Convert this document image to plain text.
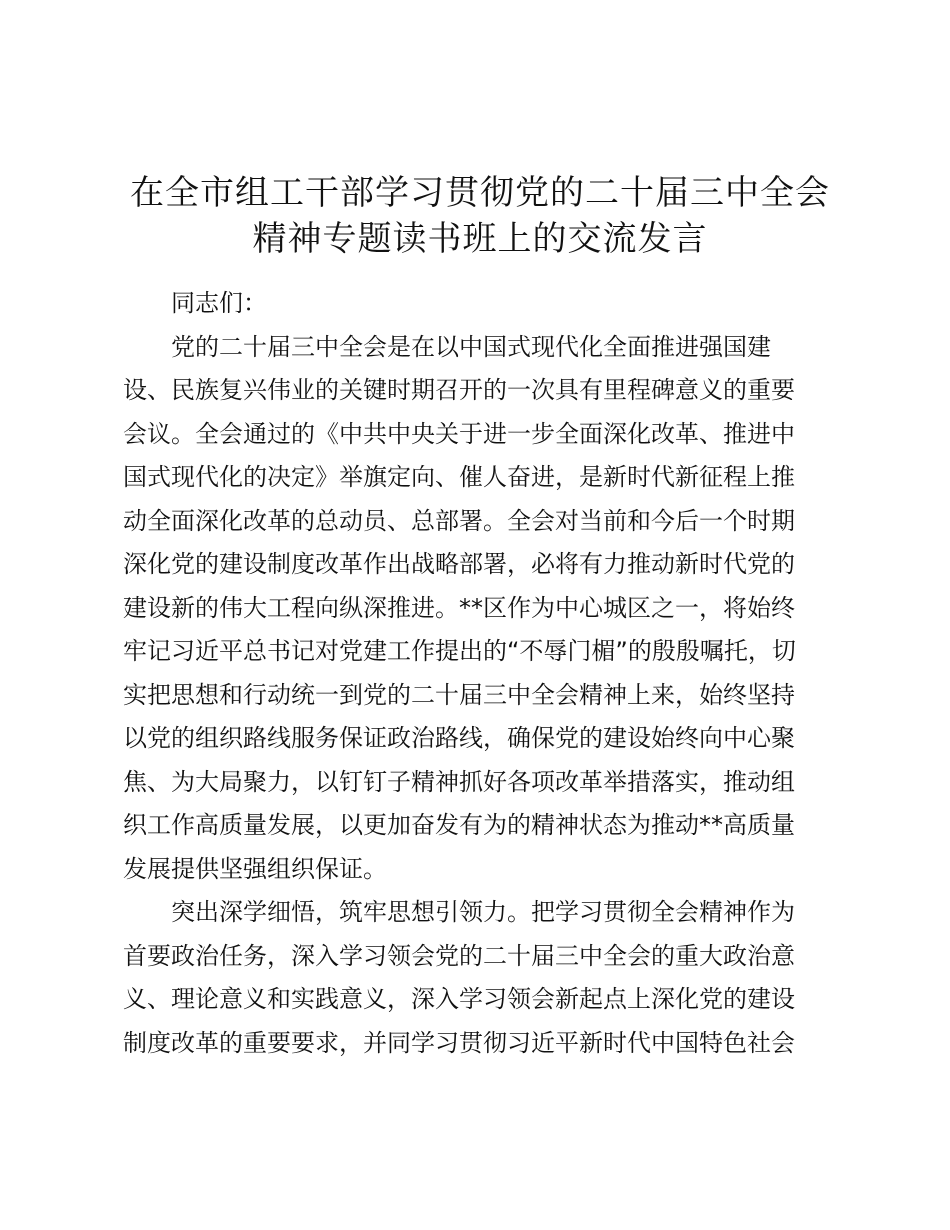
在全市组工干部学习贯彻党的二十届三中全会
精神专题读书班上的交流发言

同志们：

党的二十届三中全会是在以中国式现代化全面推进强国建
设、民族复兴伟业的关键时期召开的一次具有里程碑意义的重要
会议。全会通过的《中共中央关于进一步全面深化改革、推进中
国式现代化的决定》举旗定向、催人奋进，是新时代新征程上推
动全面深化改革的总动员、总部署。全会对当前和今后一个时期
深化党的建设制度改革作出战略部署，必将有力推动新时代党的
建设新的伟大工程向纵深推进。**区作为中心城区之一，将始终
牢记习近平总书记对党建工作提出的“不辱门楣”的殷殷嘱托，切
实把思想和行动统一到党的二十届三中全会精神上来，始终坚持
以党的组织路线服务保证政治路线，确保党的建设始终向中心聚
焦、为大局聚力，以钉钉子精神抓好各项改革举措落实，推动组
织工作高质量发展，以更加奋发有为的精神状态为推动**高质量
发展提供坚强组织保证。

突出深学细悟，筑牢思想引领力。把学习贯彻全会精神作为
首要政治任务，深入学习领会党的二十届三中全会的重大政治意
义、理论意义和实践意义，深入学习领会新起点上深化党的建设
制度改革的重要要求，并同学习贯彻习近平新时代中国特色社会
